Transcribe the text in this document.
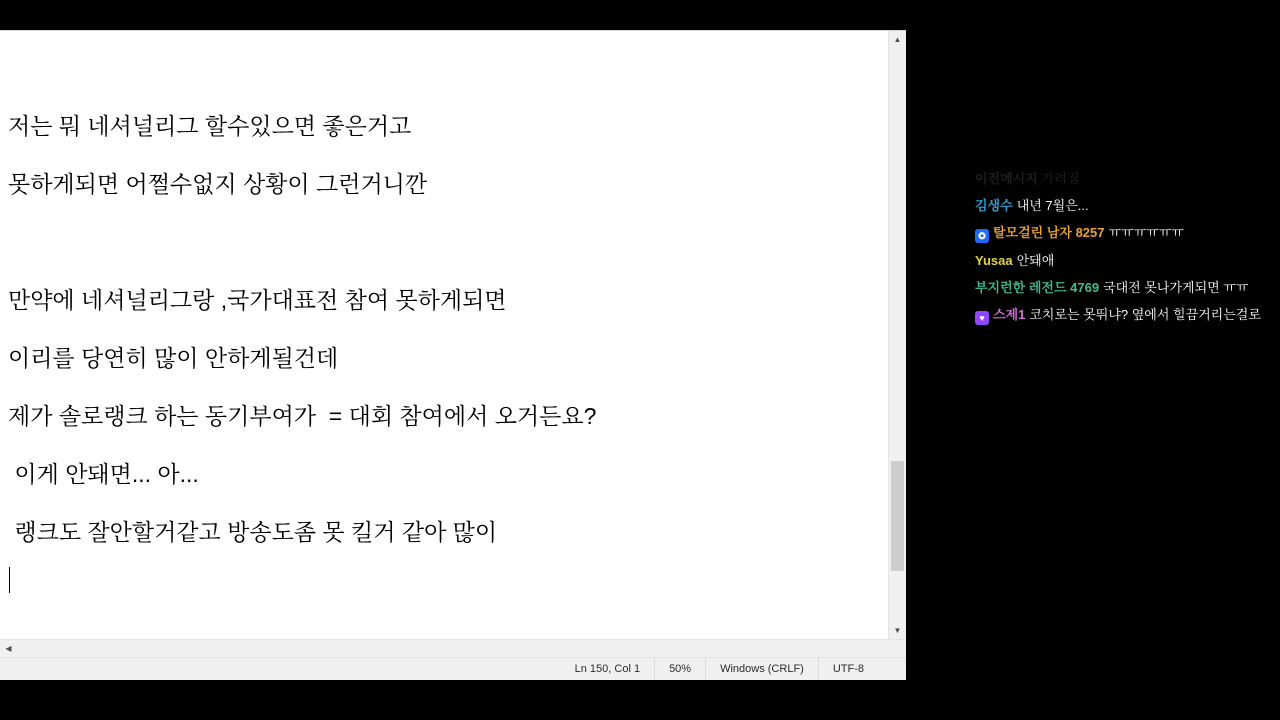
저는 뭐 네셔널리그 할수있으면 좋은거고
못하게되면 어쩔수없지 상황이 그런거니깐

만약에 네셔널리그랑 ,국가대표전 참여 못하게되면
이리를 당연히 많이 안하게될건데
제가 솔로랭크 하는 동기부여가  = 대회 참여에서 오거든요?
이게 안돼면... 아...
랭크도 잘안할거같고 방송도좀 못 킬거 같아 많이
▲
▼
◀
Ln 150, Col 1	50%	Windows (CRLF)	UTF-8
이전메시지 가려짐
김생수 내년 7월은...
✪ 탈모걸린 남자 8257 ㅠㅠㅠㅠㅠㅠ
Yusaa 안돼애
부지런한 레전드 4769 국대전 못나가게되면 ㅠㅠ
♥ 스제1 코치로는 못뛰냐? 옆에서 힐끔거리는걸로
